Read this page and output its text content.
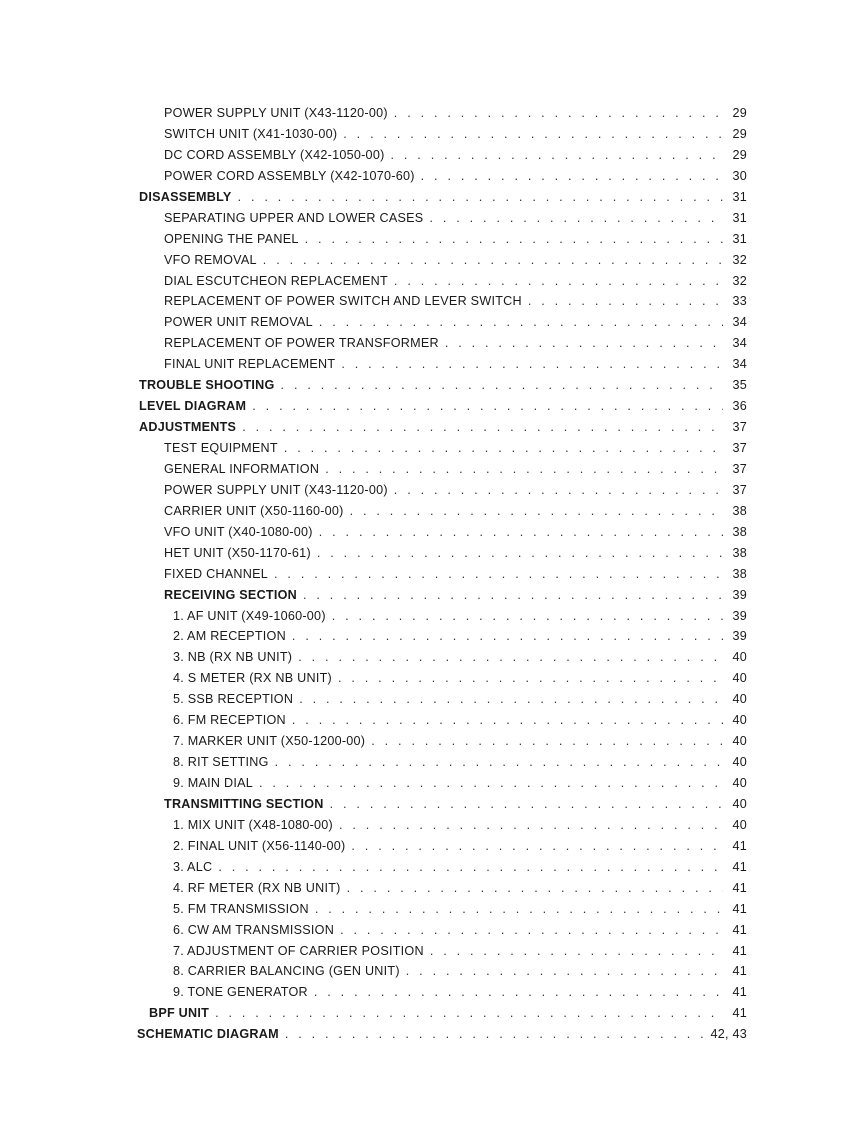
POWER SUPPLY UNIT (X43-1120-00) . . .	29
SWITCH UNIT (X41-1030-00) . . .	29
DC CORD ASSEMBLY (X42-1050-00) . . .	29
POWER CORD ASSEMBLY (X42-1070-60) . . .	30
DISASSEMBLY . . .	31
SEPARATING UPPER AND LOWER CASES . . .	31
OPENING THE PANEL . . .	31
VFO REMOVAL . . .	32
DIAL ESCUTCHEON REPLACEMENT . . .	32
REPLACEMENT OF POWER SWITCH AND LEVER SWITCH . . .	33
POWER UNIT REMOVAL . . .	34
REPLACEMENT OF POWER TRANSFORMER . . .	34
FINAL UNIT REPLACEMENT . . .	34
TROUBLE SHOOTING . . .	35
LEVEL DIAGRAM . . .	36
ADJUSTMENTS . . .	37
TEST EQUIPMENT . . .	37
GENERAL INFORMATION . . .	37
POWER SUPPLY UNIT (X43-1120-00) . . .	37
CARRIER UNIT (X50-1160-00) . . .	38
VFO UNIT (X40-1080-00) . . .	38
HET UNIT (X50-1170-61) . . .	38
FIXED CHANNEL . . .	38
RECEIVING SECTION . . .	39
1. AF UNIT (X49-1060-00) . . .	39
2. AM RECEPTION . . .	39
3. NB (RX NB UNIT) . . .	40
4. S METER (RX NB UNIT) . . .	40
5. SSB RECEPTION . . .	40
6. FM RECEPTION . . .	40
7. MARKER UNIT (X50-1200-00) . . .	40
8. RIT SETTING . . .	40
9. MAIN DIAL . . .	40
TRANSMITTING SECTION . . .	40
1. MIX UNIT (X48-1080-00) . . .	40
2. FINAL UNIT (X56-1140-00) . . .	41
3. ALC . . .	41
4. RF METER (RX NB UNIT) . . .	41
5. FM TRANSMISSION . . .	41
6. CW AM TRANSMISSION . . .	41
7. ADJUSTMENT OF CARRIER POSITION . . .	41
8. CARRIER BALANCING (GEN UNIT) . . .	41
9. TONE GENERATOR . . .	41
BPF UNIT . . .	41
SCHEMATIC DIAGRAM . . .	42, 43
